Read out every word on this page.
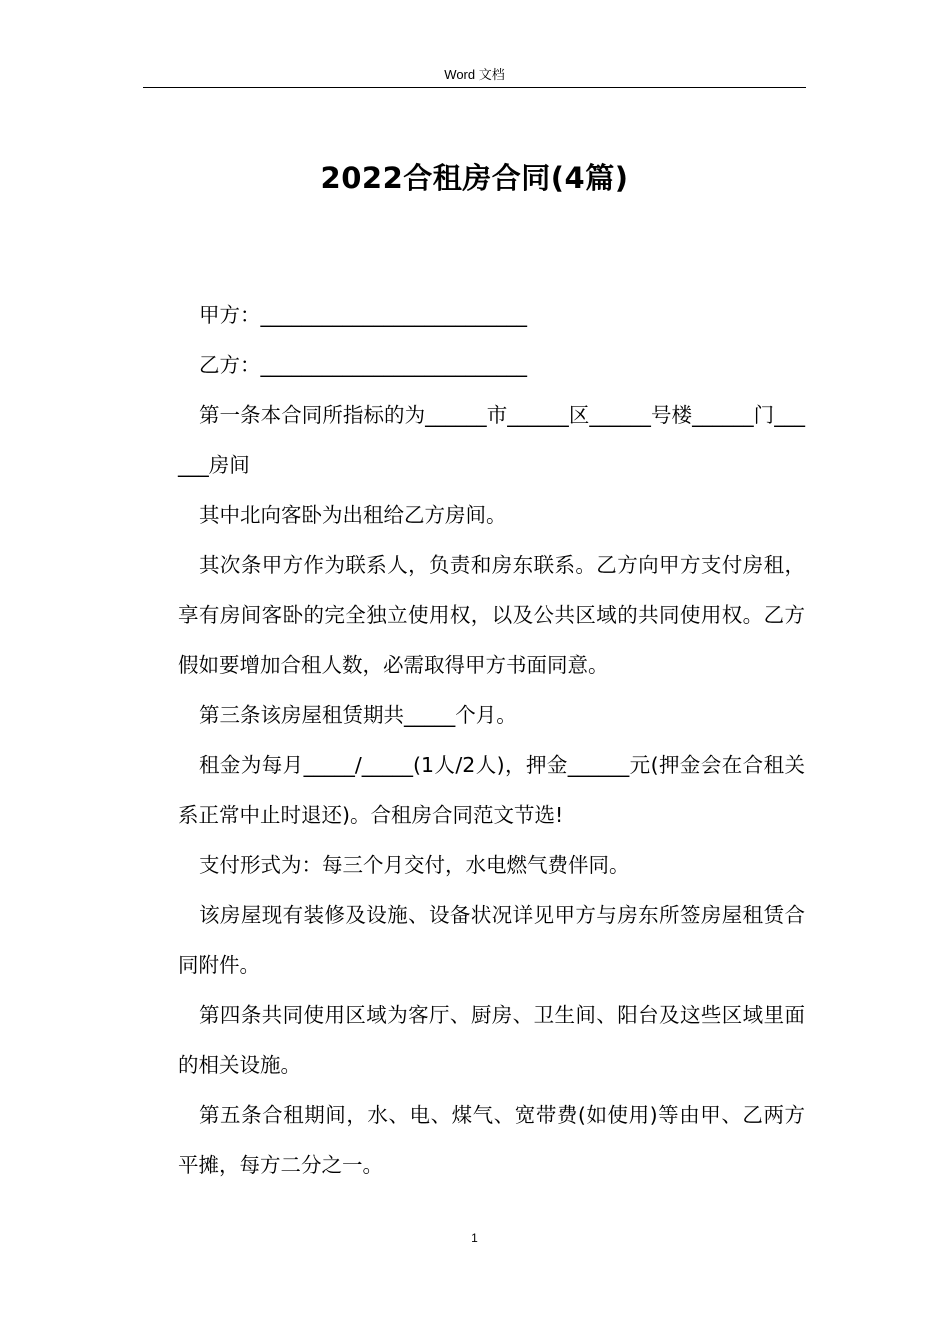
Word 文档
2022合租房合同(4篇)

甲方：__________________________

乙方：__________________________

第一条本合同所指标的为______市______区______号楼______门______房间

其中北向客卧为出租给乙方房间。

其次条甲方作为联系人，负责和房东联系。乙方向甲方支付房租，享有房间客卧的完全独立使用权，以及公共区域的共同使用权。乙方假如要增加合租人数，必需取得甲方书面同意。

第三条该房屋租赁期共_____个月。

租金为每月_____/_____(1人/2人)，押金______元(押金会在合租关系正常中止时退还)。合租房合同范文节选!

支付形式为：每三个月交付，水电燃气费伴同。

该房屋现有装修及设施、设备状况详见甲方与房东所签房屋租赁合同附件。

第四条共同使用区域为客厅、厨房、卫生间、阳台及这些区域里面的相关设施。

第五条合租期间，水、电、煤气、宽带费(如使用)等由甲、乙两方平摊，每方二分之一。

1
